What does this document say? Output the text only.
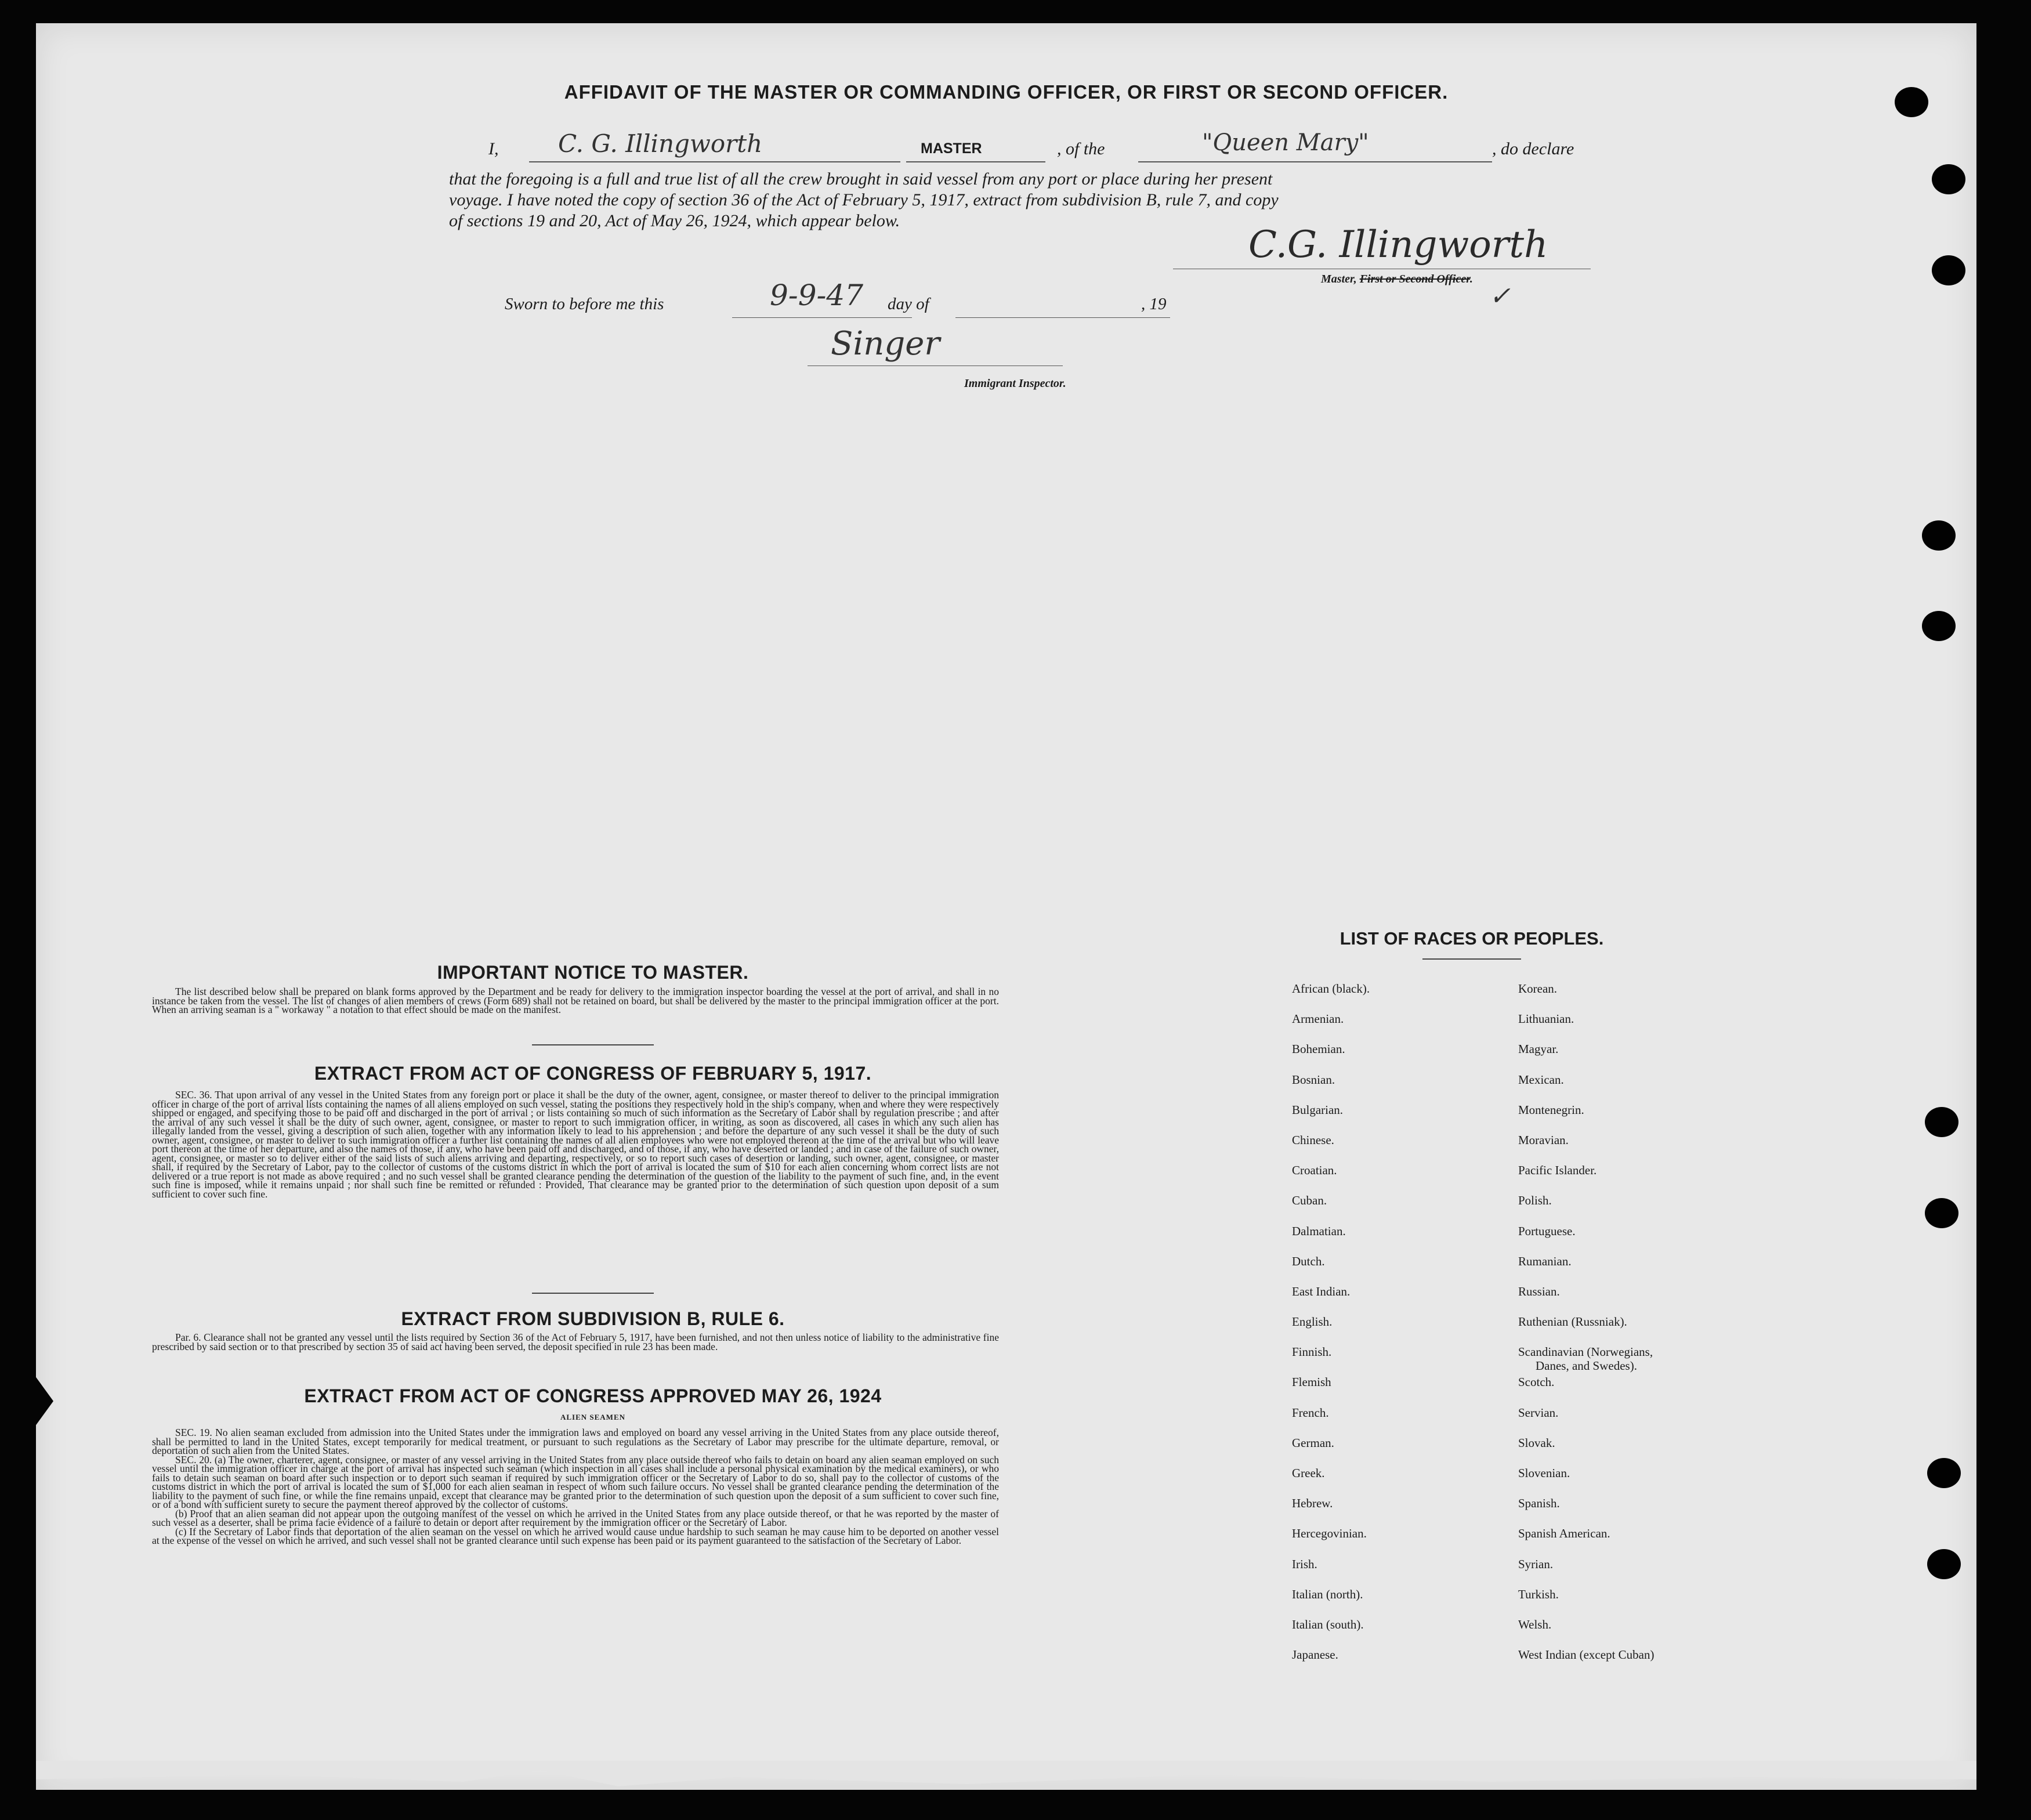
AFFIDAVIT OF THE MASTER OR COMMANDING OFFICER, OR FIRST OR SECOND OFFICER.
I, C. G. Illingworth	MASTER	, of the	"Queen Mary"	, do declare
that the foregoing is a full and true list of all the crew brought in said vessel from any port or place during her present
voyage. I have noted the copy of section 36 of the Act of February 5, 1917, extract from subdivision B, rule 7, and copy
of sections 19 and 20, Act of May 26, 1924, which appear below.
C.G. Illingworth
Master, First or Second Officer.
✓
Sworn to before me this	9-9-47 day of	, 19
Singer
Immigrant Inspector.
IMPORTANT NOTICE TO MASTER.

The list described below shall be prepared on blank forms approved by the Department and be ready for delivery to the immigration inspector boarding the vessel at the port of arrival, and shall in no instance be taken from the vessel. The list of changes of alien members of crews (Form 689) shall not be retained on board, but shall be delivered by the master to the principal immigration officer at the port. When an arriving seaman is a " workaway " a notation to that effect should be made on the manifest.

EXTRACT FROM ACT OF CONGRESS OF FEBRUARY 5, 1917.

SEC. 36. That upon arrival of any vessel in the United States from any foreign port or place it shall be the duty of the owner, agent, consignee, or master thereof to deliver to the principal immigration officer in charge of the port of arrival lists containing the names of all aliens employed on such vessel, stating the positions they respectively hold in the ship's company, when and where they were respectively shipped or engaged, and specifying those to be paid off and discharged in the port of arrival ; or lists containing so much of such information as the Secretary of Labor shall by regulation prescribe ; and after the arrival of any such vessel it shall be the duty of such owner, agent, consignee, or master to report to such immigration officer, in writing, as soon as discovered, all cases in which any such alien has illegally landed from the vessel, giving a description of such alien, together with any information likely to lead to his apprehension ; and before the departure of any such vessel it shall be the duty of such owner, agent, consignee, or master to deliver to such immigration officer a further list containing the names of all alien employees who were not employed thereon at the time of the arrival but who will leave port thereon at the time of her departure, and also the names of those, if any, who have been paid off and discharged, and of those, if any, who have deserted or landed ; and in case of the failure of such owner, agent, consignee, or master so to deliver either of the said lists of such aliens arriving and departing, respectively, or so to report such cases of desertion or landing, such owner, agent, consignee, or master shall, if required by the Secretary of Labor, pay to the collector of customs of the customs district in which the port of arrival is located the sum of $10 for each alien concerning whom correct lists are not delivered or a true report is not made as above required ; and no such vessel shall be granted clearance pending the determination of the question of the liability to the payment of such fine, and, in the event such fine is imposed, while it remains unpaid ; nor shall such fine be remitted or refunded : Provided, That clearance may be granted prior to the determination of such question upon deposit of a sum sufficient to cover such fine.

EXTRACT FROM SUBDIVISION B, RULE 6.

Par. 6. Clearance shall not be granted any vessel until the lists required by Section 36 of the Act of February 5, 1917, have been furnished, and not then unless notice of liability to the administrative fine prescribed by said section or to that prescribed by section 35 of said act having been served, the deposit specified in rule 23 has been made.

EXTRACT FROM ACT OF CONGRESS APPROVED MAY 26, 1924
ALIEN SEAMEN

SEC. 19. No alien seaman excluded from admission into the United States under the immigration laws and employed on board any vessel arriving in the United States from any place outside thereof, shall be permitted to land in the United States, except temporarily for medical treatment, or pursuant to such regulations as the Secretary of Labor may prescribe for the ultimate departure, removal, or deportation of such alien from the United States.

SEC. 20. (a) The owner, charterer, agent, consignee, or master of any vessel arriving in the United States from any place outside thereof who fails to detain on board any alien seaman employed on such vessel until the immigration officer in charge at the port of arrival has inspected such seaman (which inspection in all cases shall include a personal physical examination by the medical examiners), or who fails to detain such seaman on board after such inspection or to deport such seaman if required by such immigration officer or the Secretary of Labor to do so, shall pay to the collector of customs of the customs district in which the port of arrival is located the sum of $1,000 for each alien seaman in respect of whom such failure occurs. No vessel shall be granted clearance pending the determination of the liability to the payment of such fine, or while the fine remains unpaid, except that clearance may be granted prior to the determination of such question upon the deposit of a sum sufficient to cover such fine, or of a bond with sufficient surety to secure the payment thereof approved by the collector of customs.

(b) Proof that an alien seaman did not appear upon the outgoing manifest of the vessel on which he arrived in the United States from any place outside thereof, or that he was reported by the master of such vessel as a deserter, shall be prima facie evidence of a failure to detain or deport after requirement by the immigration officer or the Secretary of Labor.

(c) If the Secretary of Labor finds that deportation of the alien seaman on the vessel on which he arrived would cause undue hardship to such seaman he may cause him to be deported on another vessel at the expense of the vessel on which he arrived, and such vessel shall not be granted clearance until such expense has been paid or its payment guaranteed to the satisfaction of the Secretary of Labor.

LIST OF RACES OR PEOPLES.
African (black).	Korean.
Armenian.	Lithuanian.
Bohemian.	Magyar.
Bosnian.	Mexican.
Bulgarian.	Montenegrin.
Chinese.	Moravian.
Croatian.	Pacific Islander.
Cuban.	Polish.
Dalmatian.	Portuguese.
Dutch.	Rumanian.
East Indian.	Russian.
English.	Ruthenian (Russniak).
Finnish.	Scandinavian (Norwegians,
Danes, and Swedes).
Flemish	Scotch.
French.	Servian.
German.	Slovak.
Greek.	Slovenian.
Hebrew.	Spanish.
Hercegovinian.	Spanish American.
Irish.	Syrian.
Italian (north).	Turkish.
Italian (south).	Welsh.
Japanese.	West Indian (except Cuban)
